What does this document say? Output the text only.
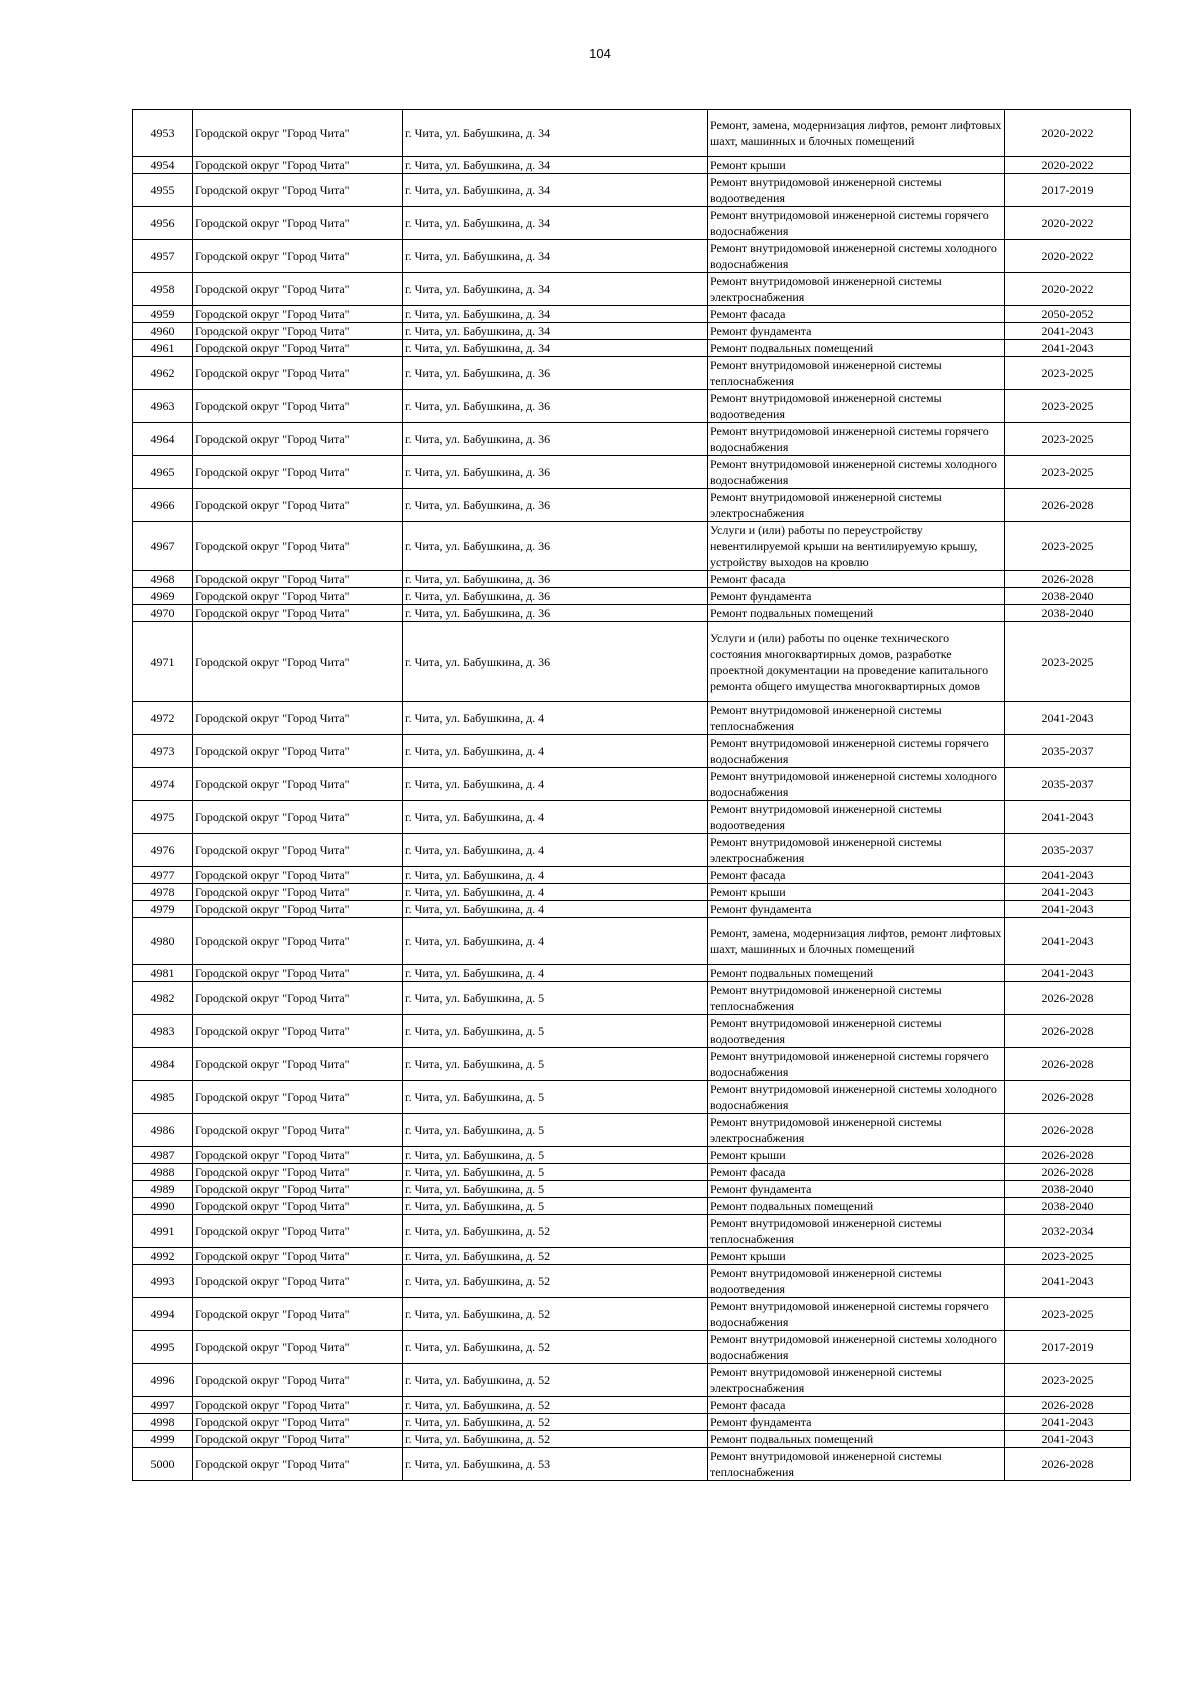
104
4953	Городской округ "Город Чита"	г. Чита, ул. Бабушкина, д. 34	Ремонт, замена, модернизация лифтов, ремонт лифтовых шахт, машинных и блочных помещений	2020-2022
4954	Городской округ "Город Чита"	г. Чита, ул. Бабушкина, д. 34	Ремонт крыши	2020-2022
4955	Городской округ "Город Чита"	г. Чита, ул. Бабушкина, д. 34	Ремонт внутридомовой инженерной системы водоотведения	2017-2019
4956	Городской округ "Город Чита"	г. Чита, ул. Бабушкина, д. 34	Ремонт внутридомовой инженерной системы горячего водоснабжения	2020-2022
4957	Городской округ "Город Чита"	г. Чита, ул. Бабушкина, д. 34	Ремонт внутридомовой инженерной системы холодного водоснабжения	2020-2022
4958	Городской округ "Город Чита"	г. Чита, ул. Бабушкина, д. 34	Ремонт внутридомовой инженерной системы электроснабжения	2020-2022
4959	Городской округ "Город Чита"	г. Чита, ул. Бабушкина, д. 34	Ремонт фасада	2050-2052
4960	Городской округ "Город Чита"	г. Чита, ул. Бабушкина, д. 34	Ремонт фундамента	2041-2043
4961	Городской округ "Город Чита"	г. Чита, ул. Бабушкина, д. 34	Ремонт подвальных помещений	2041-2043
4962	Городской округ "Город Чита"	г. Чита, ул. Бабушкина, д. 36	Ремонт внутридомовой инженерной системы теплоснабжения	2023-2025
4963	Городской округ "Город Чита"	г. Чита, ул. Бабушкина, д. 36	Ремонт внутридомовой инженерной системы водоотведения	2023-2025
4964	Городской округ "Город Чита"	г. Чита, ул. Бабушкина, д. 36	Ремонт внутридомовой инженерной системы горячего водоснабжения	2023-2025
4965	Городской округ "Город Чита"	г. Чита, ул. Бабушкина, д. 36	Ремонт внутридомовой инженерной системы холодного водоснабжения	2023-2025
4966	Городской округ "Город Чита"	г. Чита, ул. Бабушкина, д. 36	Ремонт внутридомовой инженерной системы электроснабжения	2026-2028
4967	Городской округ "Город Чита"	г. Чита, ул. Бабушкина, д. 36	Услуги и (или) работы по переустройству невентилируемой крыши на вентилируемую крышу, устройству выходов на кровлю	2023-2025
4968	Городской округ "Город Чита"	г. Чита, ул. Бабушкина, д. 36	Ремонт фасада	2026-2028
4969	Городской округ "Город Чита"	г. Чита, ул. Бабушкина, д. 36	Ремонт фундамента	2038-2040
4970	Городской округ "Город Чита"	г. Чита, ул. Бабушкина, д. 36	Ремонт подвальных помещений	2038-2040
4971	Городской округ "Город Чита"	г. Чита, ул. Бабушкина, д. 36	Услуги и (или) работы по оценке технического состояния многоквартирных домов, разработке проектной документации на проведение капитального ремонта общего имущества многоквартирных домов	2023-2025
4972	Городской округ "Город Чита"	г. Чита, ул. Бабушкина, д. 4	Ремонт внутридомовой инженерной системы теплоснабжения	2041-2043
4973	Городской округ "Город Чита"	г. Чита, ул. Бабушкина, д. 4	Ремонт внутридомовой инженерной системы горячего водоснабжения	2035-2037
4974	Городской округ "Город Чита"	г. Чита, ул. Бабушкина, д. 4	Ремонт внутридомовой инженерной системы холодного водоснабжения	2035-2037
4975	Городской округ "Город Чита"	г. Чита, ул. Бабушкина, д. 4	Ремонт внутридомовой инженерной системы водоотведения	2041-2043
4976	Городской округ "Город Чита"	г. Чита, ул. Бабушкина, д. 4	Ремонт внутридомовой инженерной системы электроснабжения	2035-2037
4977	Городской округ "Город Чита"	г. Чита, ул. Бабушкина, д. 4	Ремонт фасада	2041-2043
4978	Городской округ "Город Чита"	г. Чита, ул. Бабушкина, д. 4	Ремонт крыши	2041-2043
4979	Городской округ "Город Чита"	г. Чита, ул. Бабушкина, д. 4	Ремонт фундамента	2041-2043
4980	Городской округ "Город Чита"	г. Чита, ул. Бабушкина, д. 4	Ремонт, замена, модернизация лифтов, ремонт лифтовых шахт, машинных и блочных помещений	2041-2043
4981	Городской округ "Город Чита"	г. Чита, ул. Бабушкина, д. 4	Ремонт подвальных помещений	2041-2043
4982	Городской округ "Город Чита"	г. Чита, ул. Бабушкина, д. 5	Ремонт внутридомовой инженерной системы теплоснабжения	2026-2028
4983	Городской округ "Город Чита"	г. Чита, ул. Бабушкина, д. 5	Ремонт внутридомовой инженерной системы водоотведения	2026-2028
4984	Городской округ "Город Чита"	г. Чита, ул. Бабушкина, д. 5	Ремонт внутридомовой инженерной системы горячего водоснабжения	2026-2028
4985	Городской округ "Город Чита"	г. Чита, ул. Бабушкина, д. 5	Ремонт внутридомовой инженерной системы холодного водоснабжения	2026-2028
4986	Городской округ "Город Чита"	г. Чита, ул. Бабушкина, д. 5	Ремонт внутридомовой инженерной системы электроснабжения	2026-2028
4987	Городской округ "Город Чита"	г. Чита, ул. Бабушкина, д. 5	Ремонт крыши	2026-2028
4988	Городской округ "Город Чита"	г. Чита, ул. Бабушкина, д. 5	Ремонт фасада	2026-2028
4989	Городской округ "Город Чита"	г. Чита, ул. Бабушкина, д. 5	Ремонт фундамента	2038-2040
4990	Городской округ "Город Чита"	г. Чита, ул. Бабушкина, д. 5	Ремонт подвальных помещений	2038-2040
4991	Городской округ "Город Чита"	г. Чита, ул. Бабушкина, д. 52	Ремонт внутридомовой инженерной системы теплоснабжения	2032-2034
4992	Городской округ "Город Чита"	г. Чита, ул. Бабушкина, д. 52	Ремонт крыши	2023-2025
4993	Городской округ "Город Чита"	г. Чита, ул. Бабушкина, д. 52	Ремонт внутридомовой инженерной системы водоотведения	2041-2043
4994	Городской округ "Город Чита"	г. Чита, ул. Бабушкина, д. 52	Ремонт внутридомовой инженерной системы горячего водоснабжения	2023-2025
4995	Городской округ "Город Чита"	г. Чита, ул. Бабушкина, д. 52	Ремонт внутридомовой инженерной системы холодного водоснабжения	2017-2019
4996	Городской округ "Город Чита"	г. Чита, ул. Бабушкина, д. 52	Ремонт внутридомовой инженерной системы электроснабжения	2023-2025
4997	Городской округ "Город Чита"	г. Чита, ул. Бабушкина, д. 52	Ремонт фасада	2026-2028
4998	Городской округ "Город Чита"	г. Чита, ул. Бабушкина, д. 52	Ремонт фундамента	2041-2043
4999	Городской округ "Город Чита"	г. Чита, ул. Бабушкина, д. 52	Ремонт подвальных помещений	2041-2043
5000	Городской округ "Город Чита"	г. Чита, ул. Бабушкина, д. 53	Ремонт внутридомовой инженерной системы теплоснабжения	2026-2028
